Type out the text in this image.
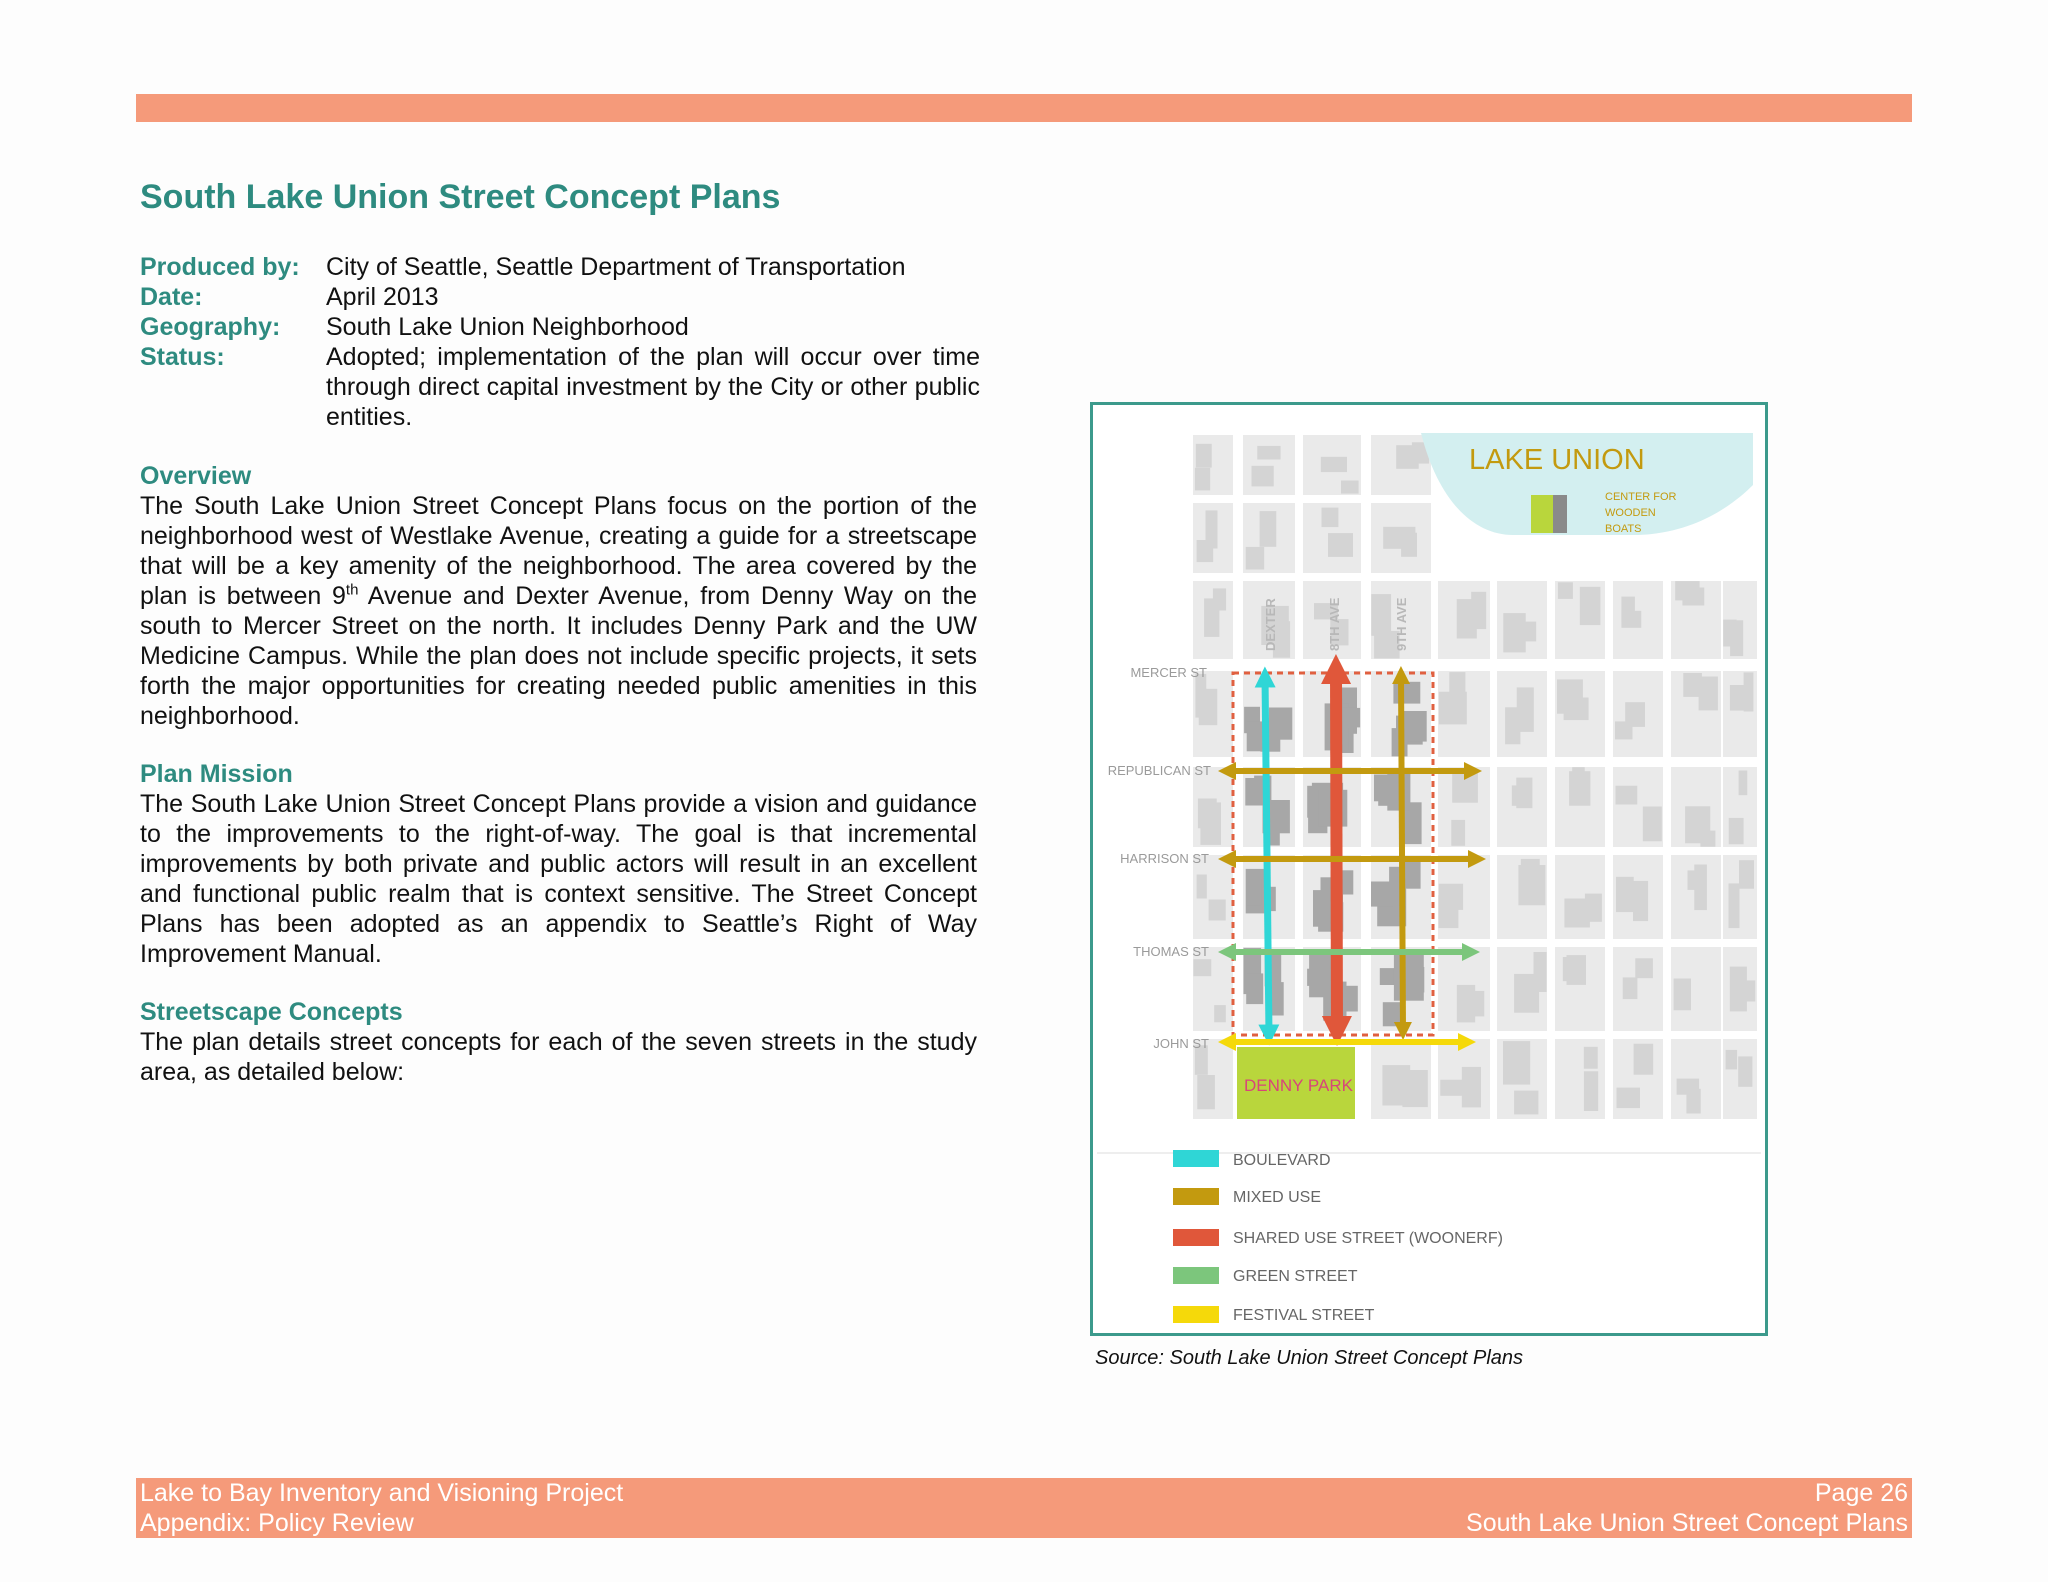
South Lake Union Street Concept Plans
Produced by:	City of Seattle, Seattle Department of Transportation
Date:	April 2013
Geography:	South Lake Union Neighborhood
Status:	Adopted; implementation of the plan will occur over time through direct capital investment by the City or other public entities.
Overview

The South Lake Union Street Concept Plans focus on the portion of the neighborhood west of Westlake Avenue, creating a guide for a streetscape that will be a key amenity of the neighborhood. The area covered by the plan is between 9th Avenue and Dexter Avenue, from Denny Way on the south to Mercer Street on the north. It includes Denny Park and the UW Medicine Campus. While the plan does not include specific projects, it sets forth the major opportunities for creating needed public amenities in this neighborhood.

Plan Mission

The South Lake Union Street Concept Plans provide a vision and guidance to the improvements to the right-of-way. The goal is that incremental improvements by both private and public actors will result in an excellent and functional public realm that is context sensitive. The Street Concept Plans has been adopted as an appendix to Seattle’s Right of Way Improvement Manual.

Streetscape Concepts

The plan details street concepts for each of the seven streets in the study area, as detailed below:

LAKE UNION
CENTER FOR
WOODEN
BOATS
DENNY PARK
DEXTER	8TH AVE	9TH AVE
MERCER ST
REPUBLICAN ST
HARRISON ST
THOMAS ST
JOHN ST
BOULEVARD
MIXED USE
SHARED USE STREET (WOONERF)
GREEN STREET
FESTIVAL STREET
Source: South Lake Union Street Concept Plans
Lake to Bay Inventory and Visioning Project
Appendix: Policy Review
Page 26
South Lake Union Street Concept Plans
